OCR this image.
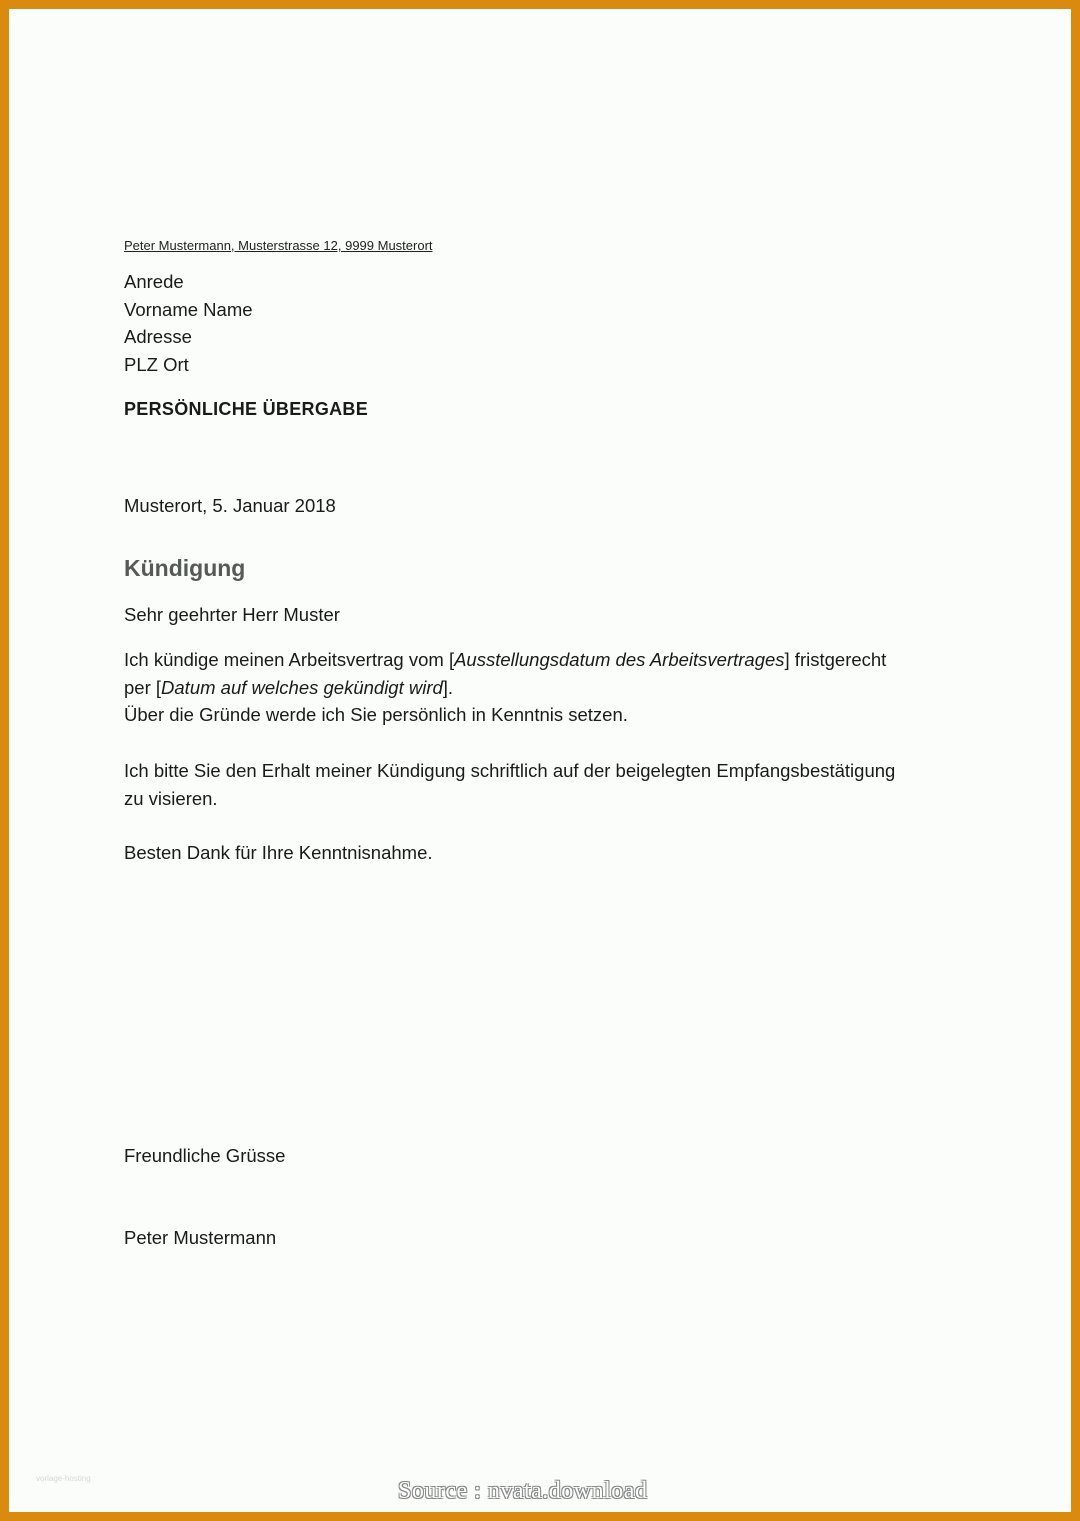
Peter Mustermann, Musterstrasse 12, 9999 Musterort
Anrede
Vorname Name
Adresse
PLZ Ort
PERSÖNLICHE ÜBERGABE
Musterort, 5. Januar 2018
Kündigung
Sehr geehrter Herr Muster
Ich kündige meinen Arbeitsvertrag vom [Ausstellungsdatum des Arbeitsvertrages] fristgerecht
per [Datum auf welches gekündigt wird].
Über die Gründe werde ich Sie persönlich in Kenntnis setzen.
Ich bitte Sie den Erhalt meiner Kündigung schriftlich auf der beigelegten Empfangsbestätigung
zu visieren.
Besten Dank für Ihre Kenntnisnahme.
Freundliche Grüsse
Peter Mustermann
vorlage-hosting	Source : nvata.download
